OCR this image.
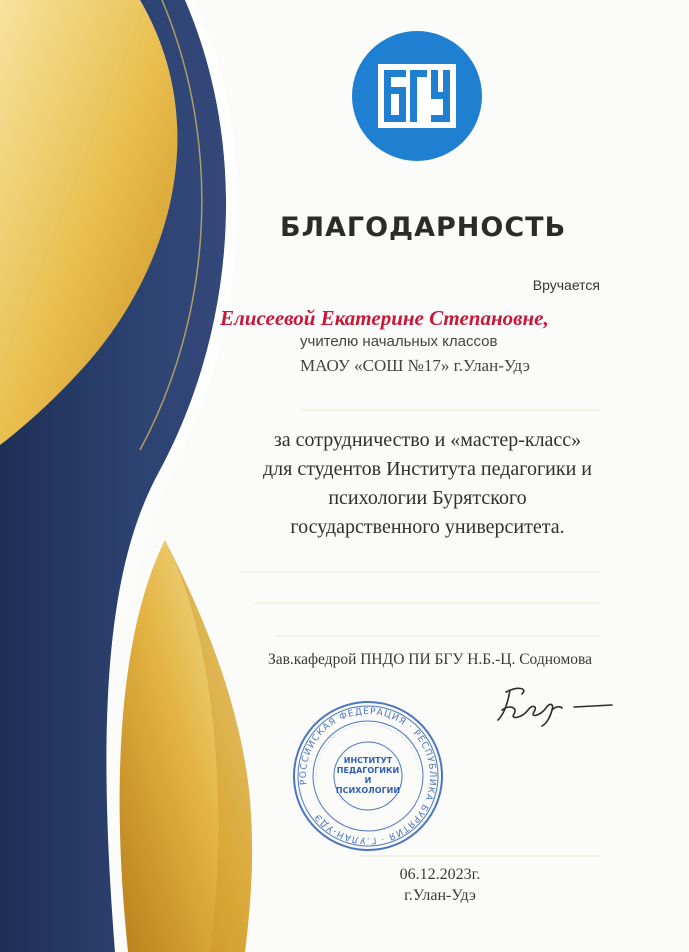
БЛАГОДАРНОСТЬ
Вручается
Елисеевой Екатерине Степановне,
учителю начальных классов
МАОУ «СОШ №17» г.Улан-Удэ
за сотрудничество и «мастер-класс»
для студентов Института педагогики и
психологии Бурятского
государственного университета.
Зав.кафедрой ПНДО ПИ БГУ Н.Б.-Ц. Содномова
РОССИЙСКАЯ ФЕДЕРАЦИЯ · РЕСПУБЛИКА БУРЯТИЯ · Г.УЛАН-УДЭ
· · · · · · · · · · · · · · · · · · · · · · · · · · · · · · · · · · · · · · · · · · · · · · · · · ·
ИНСТИТУТ ПЕДАГОГИКИ И ПСИХОЛОГИИ
06.12.2023г.
г.Улан-Удэ
